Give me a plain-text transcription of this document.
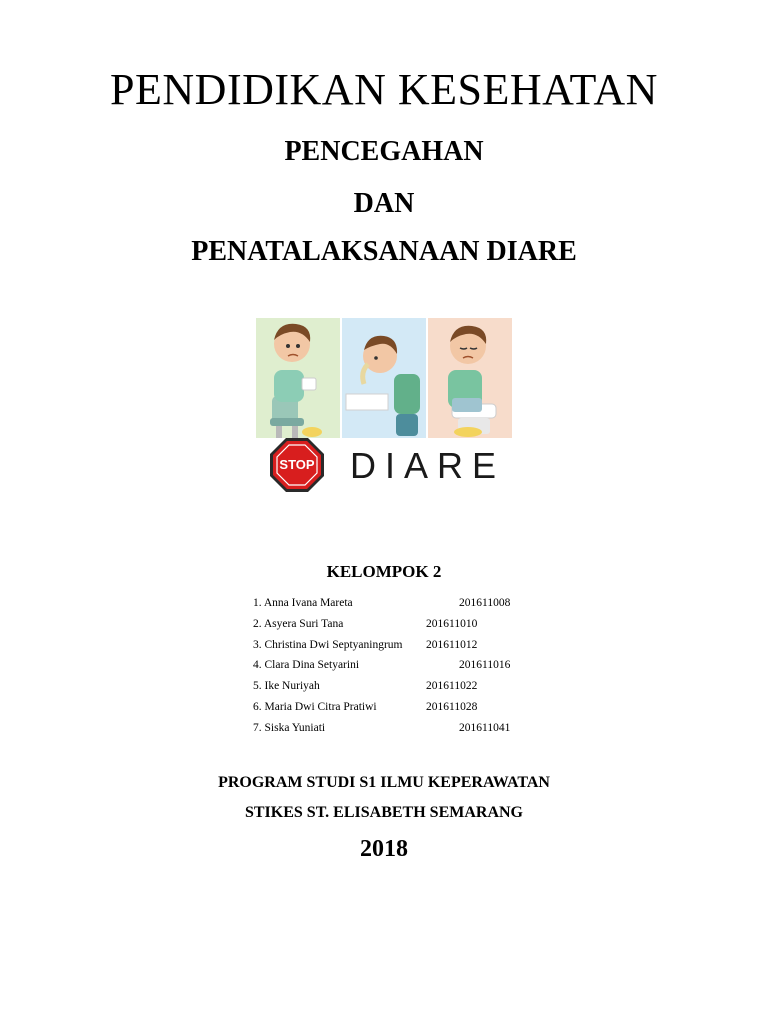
PENDIDIKAN KESEHATAN
PENCEGAHAN
DAN
PENATALAKSANAAN DIARE
STOP DIARE
KELOMPOK 2
1. Anna Ivana Mareta	201611008
2. Asyera Suri Tana	201611010
3. Christina Dwi Septyaningrum 201611012
4. Clara Dina Setyarini	201611016
5. Ike Nuriyah	201611022
6. Maria Dwi Citra Pratiwi	201611028
7. Siska Yuniati	201611041
PROGRAM STUDI S1 ILMU KEPERAWATAN
STIKES ST. ELISABETH SEMARANG
2018
